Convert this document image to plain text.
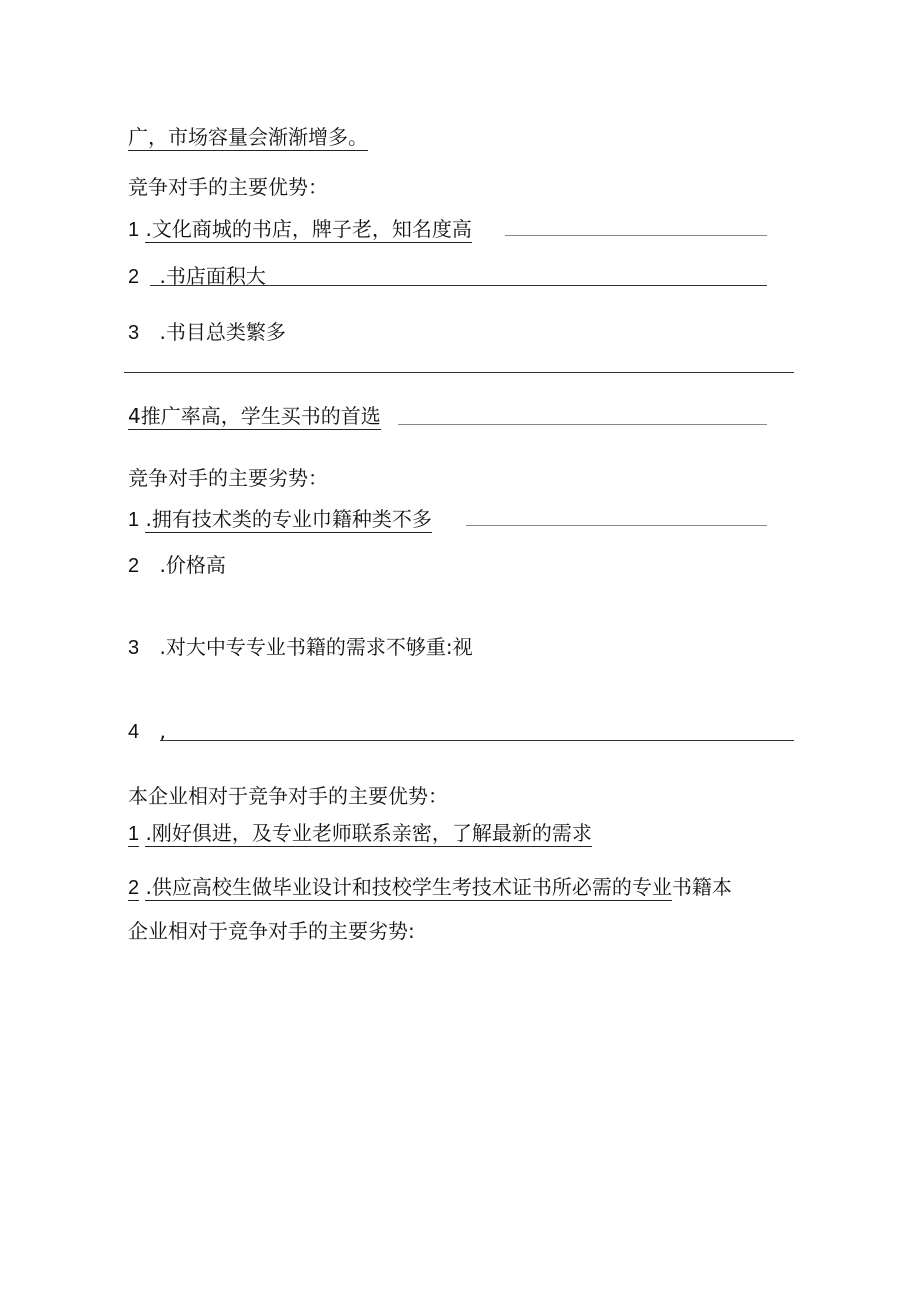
广，市场容量会渐渐增多。
竞争对手的主要优势：
1 .文化商城的书店，牌子老，知名度高
2 .书店面积大
3 .书目总类繁多
4推广率高，学生买书的首选
竞争对手的主要劣势：
1 .拥有技术类的专业巾籍种类不多
2 .价格高
3 .对大中专专业书籍的需求不够重:视
4 ,
本企业相对于竞争对手的主要优势：
1 .刚好俱进，及专业老师联系亲密，了解最新的需求
2 .供应高校生做毕业设计和技校学生考技术证书所必需的专业书籍本
企业相对于竞争对手的主要劣势:
